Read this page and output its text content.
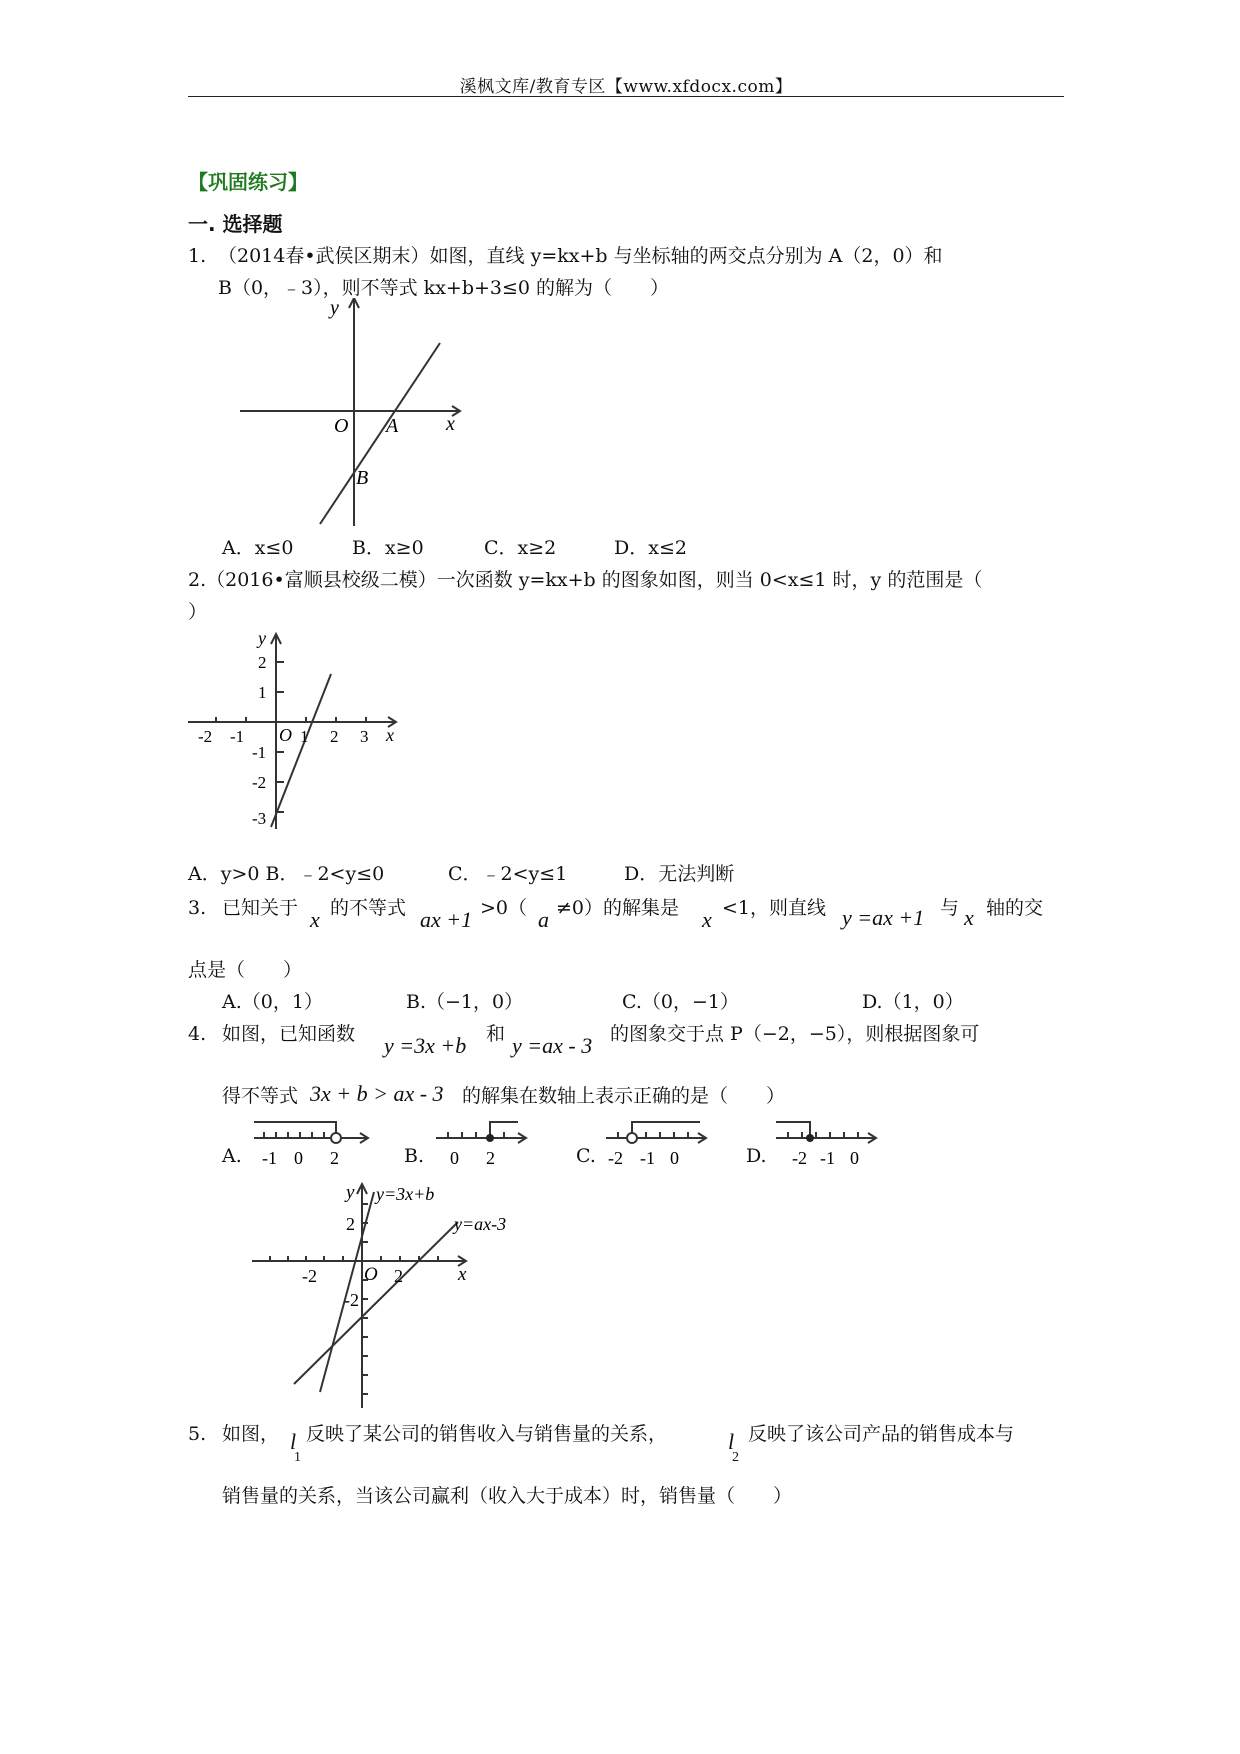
溪枫文库/教育专区【www.xfdocx.com】
【巩固练习】
一. 选择题
1. （2014春•武侯区期末）如图，直线 y=kx+b 与坐标轴的两交点分别为 A（2，0）和
B（0，﹣3），则不等式 kx+b+3≤0 的解为（　　）
y
x
O A
B
A．x≤0	B．x≥0	C．x≥2	D．x≤2
2.（2016•富顺县校级二模）一次函数 y=kx+b 的图象如图，则当 0<x≤1 时，y 的范围是（
）
y
x
O
-2 -1	1 2 3
2
1
-1
-2
-3
A．y>0 B．﹣2<y≤0	C．﹣2<y≤1	D．无法判断
3. 已知关于 x 的不等式 ax +1 >0（ a ≠0）的解集是 x <1，则直线 y =ax +1 与 x 轴的交
点是（　　）
A.（0，1）	B.（−1，0）	C.（0，−1）	D.（1，0）
4. 如图，已知函数 y =3x +b 和 y =ax - 3 的图象交于点 P（−2，−5），则根据图象可
得不等式 3x + b > ax - 3 的解集在数轴上表示正确的是（　　）
A. -1 0 2	B. 0 2	C. -2 -1 0	D. -2 -1 0
y
x
O
y=3x+b
y=ax-3
-2	2
2
-2
5. 如图， l
1
反映了某公司的销售收入与销售量的关系，	l
2
反映了该公司产品的销售成本与
销售量的关系，当该公司赢利（收入大于成本）时，销售量（　　）
